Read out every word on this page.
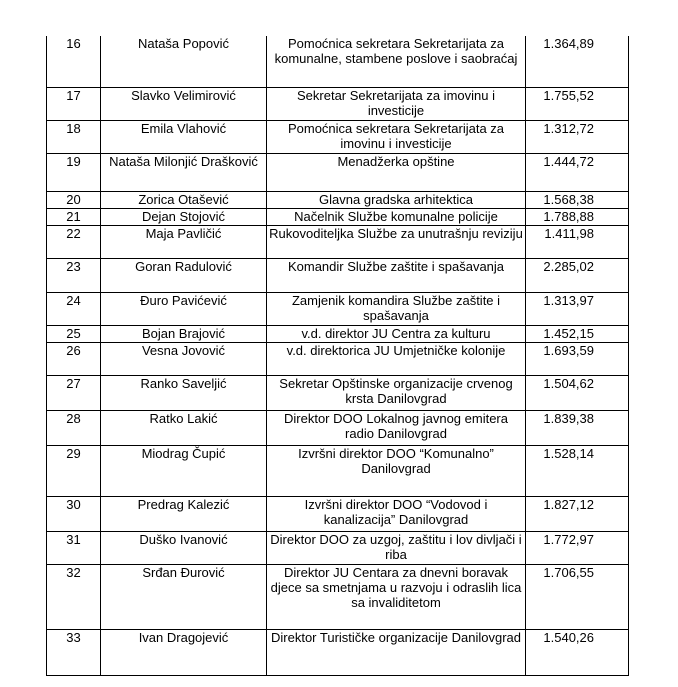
16	Nataša Popović	Pomoćnica sekretara Sekretarijata za komunalne, stambene poslove i saobraćaj	1.364,89
17	Slavko Velimirović	Sekretar Sekretarijata za imovinu i investicije	1.755,52
18	Emila Vlahović	Pomoćnica sekretara Sekretarijata za imovinu i investicije	1.312,72
19	Nataša Milonjić Drašković	Menadžerka opštine	1.444,72
20	Zorica Otašević	Glavna gradska arhitektica	1.568,38
21	Dejan Stojović	Načelnik Službe komunalne policije	1.788,88
22	Maja Pavličić	Rukovoditeljka Službe za unutrašnju reviziju	1.411,98
23	Goran Radulović	Komandir Službe zaštite i spašavanja	2.285,02
24	Đuro Pavićević	Zamjenik komandira Službe zaštite i spašavanja	1.313,97
25	Bojan Brajović	v.d. direktor JU Centra za kulturu	1.452,15
26	Vesna Jovović	v.d. direktorica JU Umjetničke kolonije	1.693,59
27	Ranko Saveljić	Sekretar Opštinske organizacije crvenog krsta Danilovgrad	1.504,62
28	Ratko Lakić	Direktor DOO Lokalnog javnog emitera radio Danilovgrad	1.839,38
29	Miodrag Čupić	Izvršni direktor DOO “Komunalno” Danilovgrad	1.528,14
30	Predrag Kalezić	Izvršni direktor DOO “Vodovod i kanalizacija” Danilovgrad	1.827,12
31	Duško Ivanović	Direktor DOO za uzgoj, zaštitu i lov divljači i riba	1.772,97
32	Srđan Đurović	Direktor JU Centara za dnevni boravak djece sa smetnjama u razvoju i odraslih lica sa invaliditetom	1.706,55
33	Ivan Dragojević	Direktor Turističke organizacije Danilovgrad	1.540,26
